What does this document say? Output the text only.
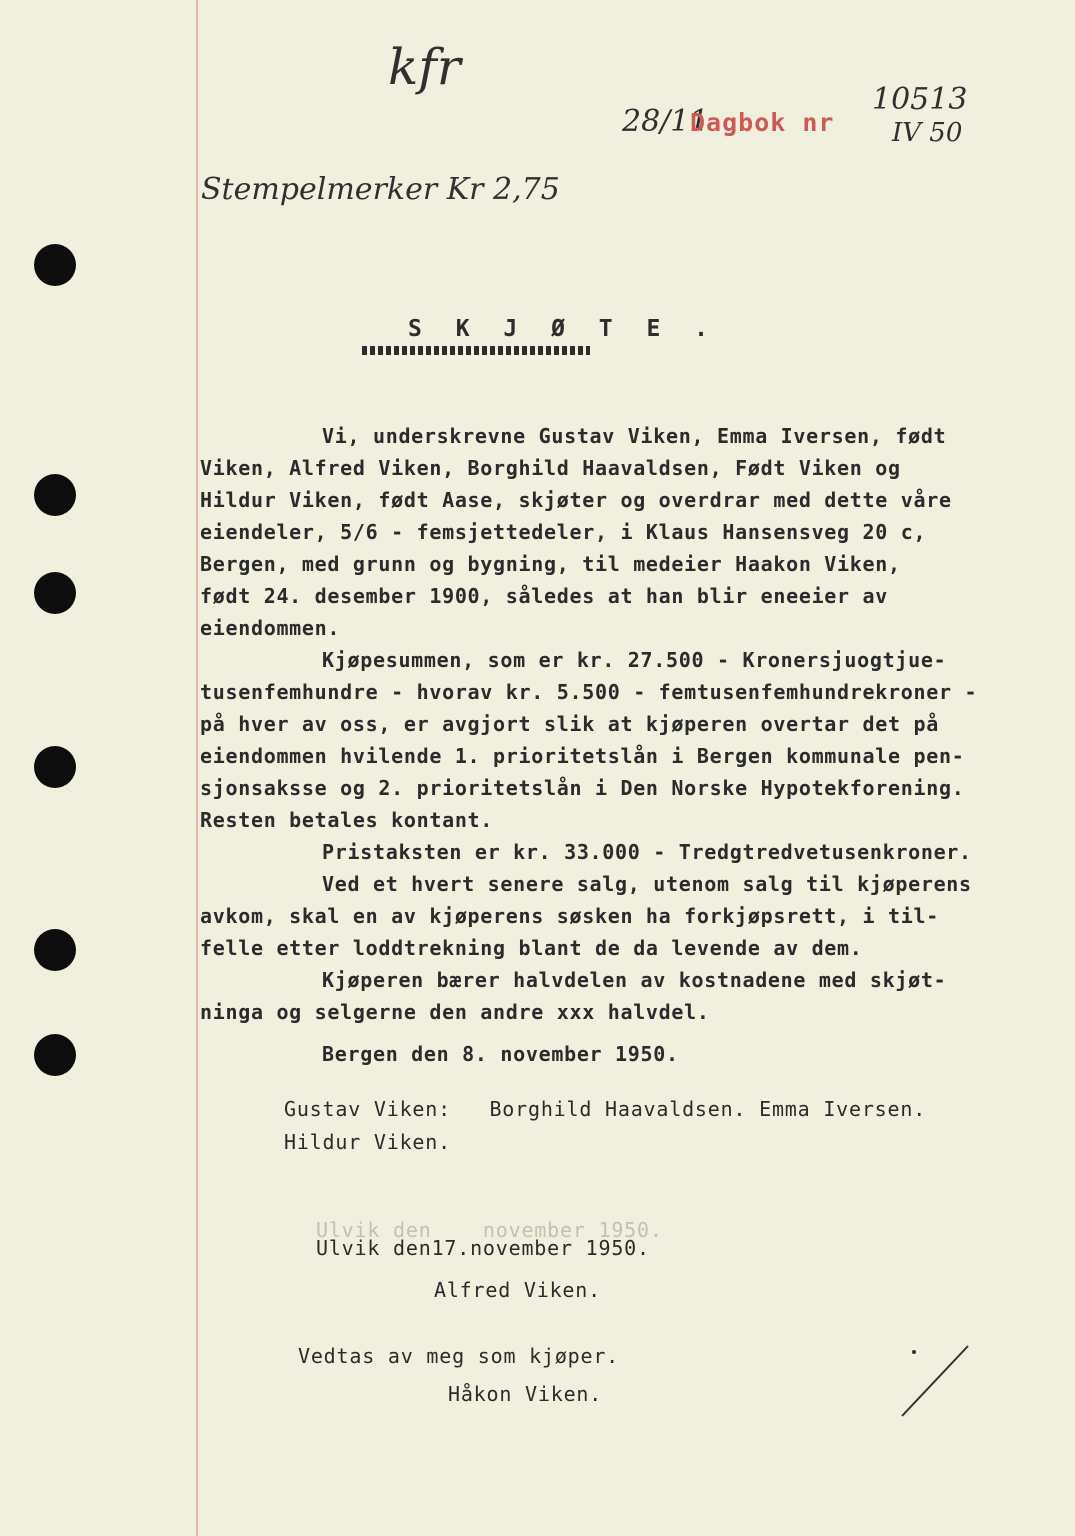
kfr
Stempelmerker Kr 2,75
28/11
Dagbok nr
10513
IV 50
S K J Ø T E .
Vi, underskrevne Gustav Viken, Emma Iversen, født
Viken, Alfred Viken, Borghild Haavaldsen, Født Viken og
Hildur Viken, født Aase, skjøter og overdrar med dette våre
eiendeler, 5/6 - femsjettedeler, i Klaus Hansensveg 20 c,
Bergen, med grunn og bygning, til medeier Haakon Viken,
født 24. desember 1900, således at han blir eneeier av
eiendommen.
Kjøpesummen, som er kr. 27.500 - Kronersjuogtjue-
tusenfemhundre - hvorav kr. 5.500 - femtusenfemhundrekroner -
på hver av oss, er avgjort slik at kjøperen overtar det på
eiendommen hvilende 1. prioritetslån i Bergen kommunale pen-
sjonsaksse og 2. prioritetslån i Den Norske Hypotekforening.
Resten betales kontant.
Pristaksten er kr. 33.000 - Tredgtredvetusenkroner.
Ved et hvert senere salg, utenom salg til kjøperens
avkom, skal en av kjøperens søsken ha forkjøpsrett, i til-
felle etter loddtrekning blant de da levende av dem.
Kjøperen bærer halvdelen av kostnadene med skjøt-
ninga og selgerne den andre xxx halvdel.
Bergen den 8. november 1950.
Gustav Viken:   Borghild Haavaldsen. Emma Iversen.
Hildur Viken.
Ulvik den    november 1950.
Ulvik den17.november 1950.
Alfred Viken.
Vedtas av meg som kjøper.
Håkon Viken.
